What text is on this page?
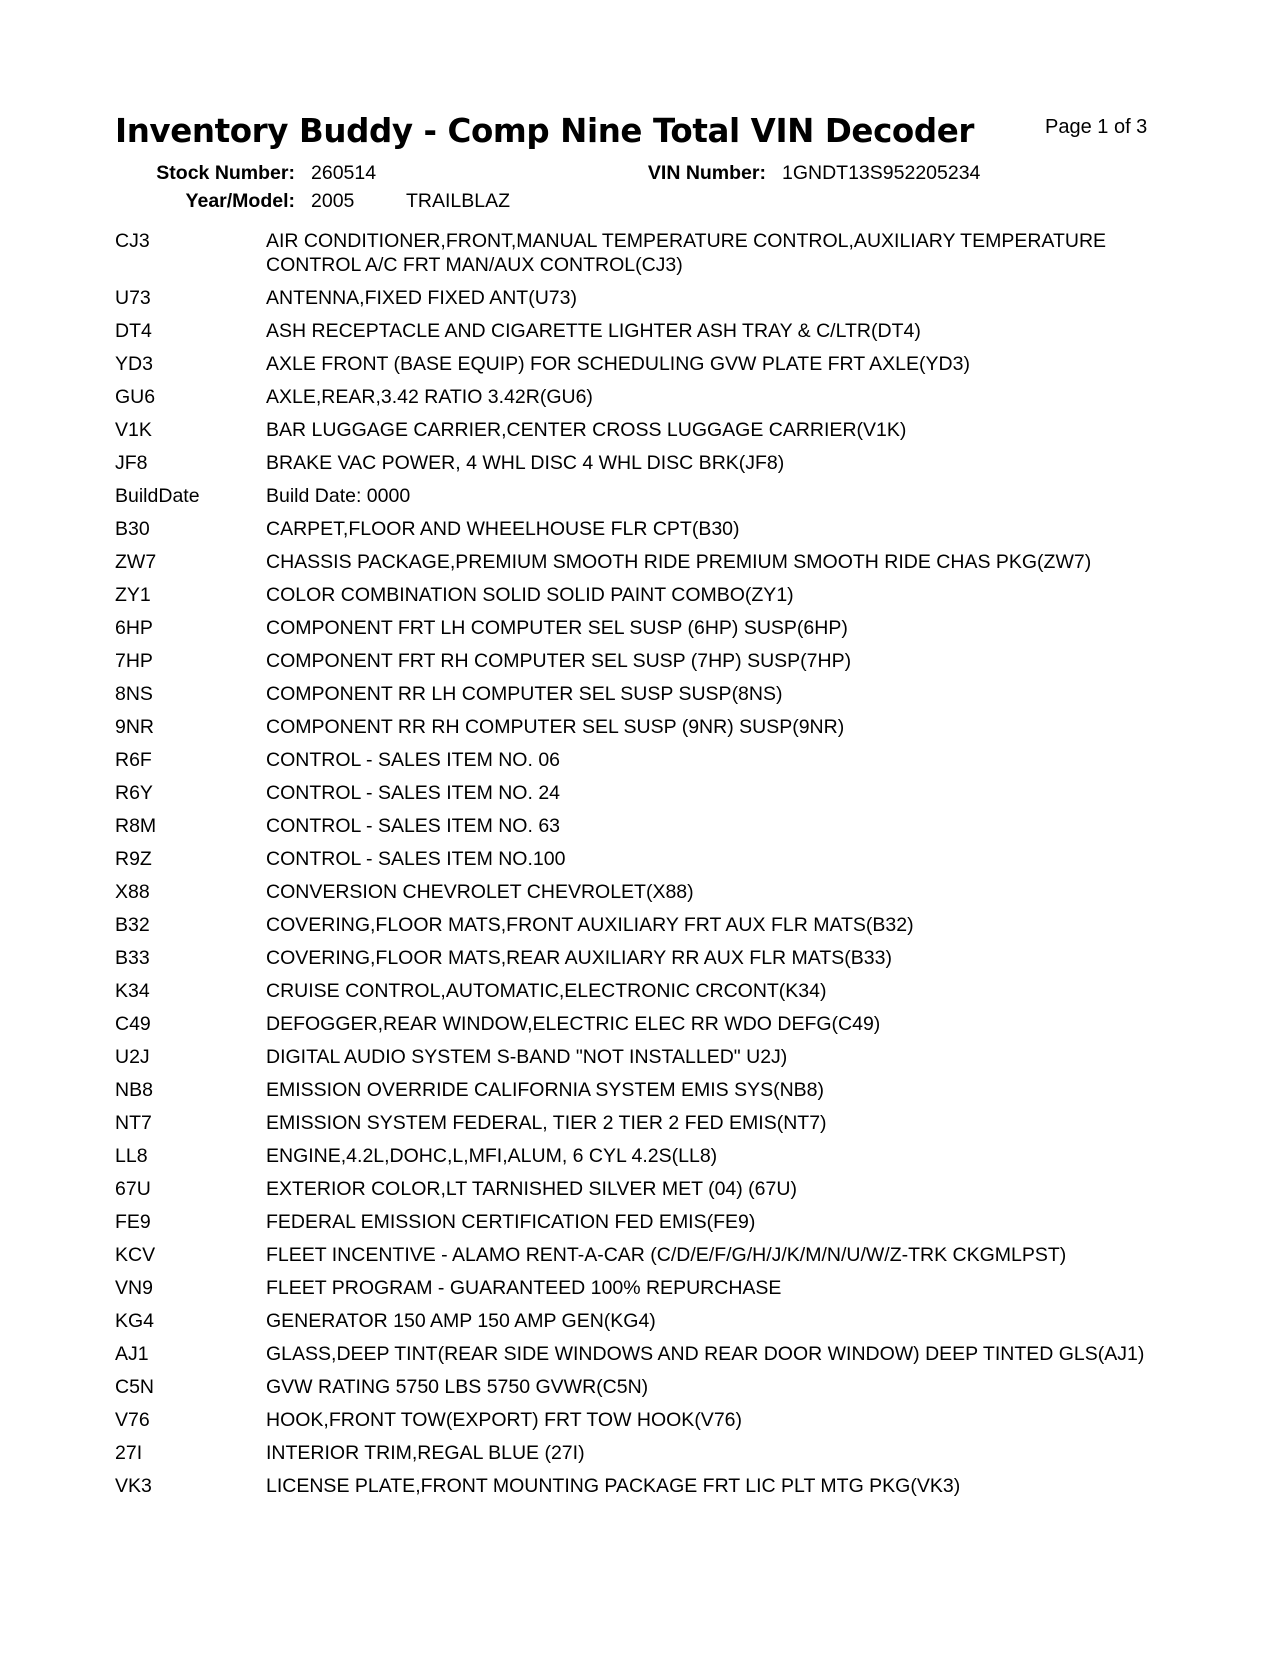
Inventory Buddy - Comp Nine Total VIN Decoder	Page 1 of 3
Stock Number: 260514	VIN Number: 1GNDT13S952205234
Year/Model: 2005	TRAILBLAZ
CJ3	AIR CONDITIONER,FRONT,MANUAL TEMPERATURE CONTROL,AUXILIARY TEMPERATURE CONTROL A/C FRT MAN/AUX CONTROL(CJ3)
U73	ANTENNA,FIXED FIXED ANT(U73)
DT4	ASH RECEPTACLE AND CIGARETTE LIGHTER ASH TRAY & C/LTR(DT4)
YD3	AXLE FRONT (BASE EQUIP) FOR SCHEDULING GVW PLATE FRT AXLE(YD3)
GU6	AXLE,REAR,3.42 RATIO 3.42R(GU6)
V1K	BAR LUGGAGE CARRIER,CENTER CROSS LUGGAGE CARRIER(V1K)
JF8	BRAKE VAC POWER, 4 WHL DISC 4 WHL DISC BRK(JF8)
BuildDate	Build Date: 0000
B30	CARPET,FLOOR AND WHEELHOUSE FLR CPT(B30)
ZW7	CHASSIS PACKAGE,PREMIUM SMOOTH RIDE PREMIUM SMOOTH RIDE CHAS PKG(ZW7)
ZY1	COLOR COMBINATION SOLID SOLID PAINT COMBO(ZY1)
6HP	COMPONENT FRT LH COMPUTER SEL SUSP (6HP) SUSP(6HP)
7HP	COMPONENT FRT RH COMPUTER SEL SUSP (7HP) SUSP(7HP)
8NS	COMPONENT RR LH COMPUTER SEL SUSP SUSP(8NS)
9NR	COMPONENT RR RH COMPUTER SEL SUSP (9NR) SUSP(9NR)
R6F	CONTROL - SALES ITEM NO. 06
R6Y	CONTROL - SALES ITEM NO. 24
R8M	CONTROL - SALES ITEM NO. 63
R9Z	CONTROL - SALES ITEM NO.100
X88	CONVERSION CHEVROLET CHEVROLET(X88)
B32	COVERING,FLOOR MATS,FRONT AUXILIARY FRT AUX FLR MATS(B32)
B33	COVERING,FLOOR MATS,REAR AUXILIARY RR AUX FLR MATS(B33)
K34	CRUISE CONTROL,AUTOMATIC,ELECTRONIC CRCONT(K34)
C49	DEFOGGER,REAR WINDOW,ELECTRIC ELEC RR WDO DEFG(C49)
U2J	DIGITAL AUDIO SYSTEM S-BAND "NOT INSTALLED" U2J)
NB8	EMISSION OVERRIDE CALIFORNIA SYSTEM EMIS SYS(NB8)
NT7	EMISSION SYSTEM FEDERAL, TIER 2 TIER 2 FED EMIS(NT7)
LL8	ENGINE,4.2L,DOHC,L,MFI,ALUM, 6 CYL 4.2S(LL8)
67U	EXTERIOR COLOR,LT TARNISHED SILVER MET (04) (67U)
FE9	FEDERAL EMISSION CERTIFICATION FED EMIS(FE9)
KCV	FLEET INCENTIVE - ALAMO RENT-A-CAR (C/D/E/F/G/H/J/K/M/N/U/W/Z-TRK CKGMLPST)
VN9	FLEET PROGRAM - GUARANTEED 100% REPURCHASE
KG4	GENERATOR 150 AMP 150 AMP GEN(KG4)
AJ1	GLASS,DEEP TINT(REAR SIDE WINDOWS AND REAR DOOR WINDOW) DEEP TINTED GLS(AJ1)
C5N	GVW RATING 5750 LBS 5750 GVWR(C5N)
V76	HOOK,FRONT TOW(EXPORT) FRT TOW HOOK(V76)
27I	INTERIOR TRIM,REGAL BLUE (27I)
VK3	LICENSE PLATE,FRONT MOUNTING PACKAGE FRT LIC PLT MTG PKG(VK3)
